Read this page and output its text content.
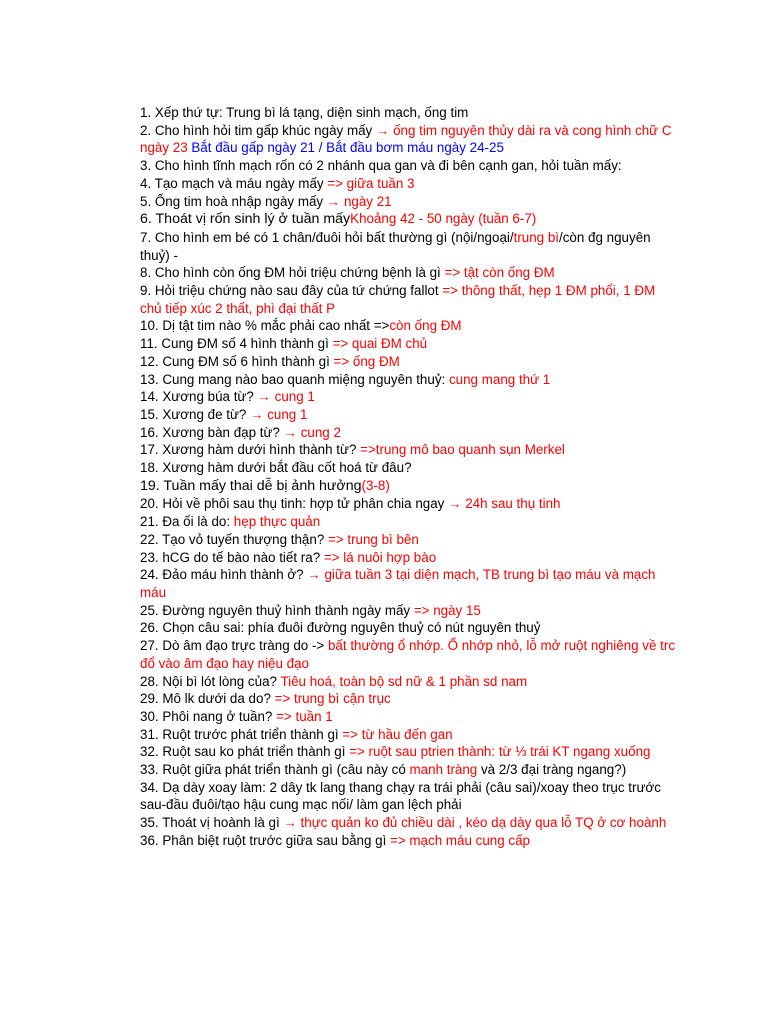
1. Xếp thứ tự: Trung bì lá tạng, diện sinh mạch, ống tim
2. Cho hình hỏi tim gấp khúc ngày mấy → ống tim nguyên thủy dài ra và cong hình chữ C ngày 23 Bắt đầu gấp ngày 21 / Bắt đầu bơm máu ngày 24-25
3. Cho hình tĩnh mạch rốn có 2 nhánh qua gan và đi bên cạnh gan, hỏi tuần mấy:
4. Tạo mạch và máu ngày mấy => giữa tuần 3
5. Ống tim hoà nhập ngày mấy → ngày 21
6. Thoát vị rốn sinh lý ở tuần mấyKhoảng 42 - 50 ngày (tuần 6-7)
7. Cho hình em bé có 1 chân/đuôi hỏi bất thường gì (nội/ngoại/trung bì/còn đg nguyên thuỷ) -
8. Cho hình còn ống ĐM hỏi triệu chứng bệnh là gì => tật còn ống ĐM
9. Hỏi triệu chứng nào sau đây của tứ chứng fallot => thông thất, hẹp 1 ĐM phổi, 1 ĐM chủ tiếp xúc 2 thất, phì đại thất P
10. Dị tật tim nào % mắc phải cao nhất =>còn ống ĐM
11. Cung ĐM số 4 hình thành gì => quai ĐM chủ
12. Cung ĐM số 6 hình thành gì => ống ĐM
13. Cung mang nào bao quanh miệng nguyên thuỷ: cung mang thứ 1
14. Xương búa từ? → cung 1
15. Xương đe từ? → cung 1
16. Xương bàn đạp từ? → cung 2
17. Xương hàm dưới hình thành từ? =>trung mô bao quanh sụn Merkel
18. Xương hàm dưới bắt đầu cốt hoá từ đâu?
19. Tuần mấy thai dễ bị ảnh hưởng(3-8)
20. Hỏi về phôi sau thụ tinh: hợp tử phân chia ngay → 24h sau thụ tinh
21. Đa ối là do: hẹp thực quản
22. Tạo vỏ tuyến thượng thận? => trung bì bên
23. hCG do tế bào nào tiết ra? => lá nuôi hợp bào
24. Đảo máu hình thành ở? → giữa tuần 3 tại diện mạch, TB trung bì tạo máu và mạch máu
25. Đường nguyên thuỷ hình thành ngày mấy => ngày 15
26. Chọn câu sai: phía đuôi đường nguyên thuỷ có nút nguyên thuỷ
27. Dò âm đạo trực tràng do -> bất thường ổ nhớp. Ổ nhớp nhỏ, lỗ mở ruột nghiêng về trc đổ vào âm đạo hay niệu đạo
28. Nội bì lót lòng của? Tiêu hoá, toàn bộ sd nữ & 1 phần sd nam
29. Mô lk dưới da do? => trung bì cận trục
30. Phôi nang ở tuần? => tuần 1
31. Ruột trước phát triển thành gì => từ hầu đến gan
32. Ruột sau ko phát triển thành gì => ruột sau ptrien thành: từ ⅓ trái KT ngang xuống
33. Ruột giữa phát triển thành gì (câu này có manh tràng và 2/3 đại tràng ngang?)
34. Dạ dày xoay làm: 2 dây tk lang thang chạy ra trái phải (câu sai)/xoay theo trục trước sau-đầu đuôi/tạo hậu cung mạc nối/ làm gan lệch phải
35. Thoát vị hoành là gì → thực quản ko đủ chiều dài , kéo dạ dày qua lỗ TQ ở cơ hoành
36. Phân biệt ruột trước giữa sau bằng gì => mạch máu cung cấp
